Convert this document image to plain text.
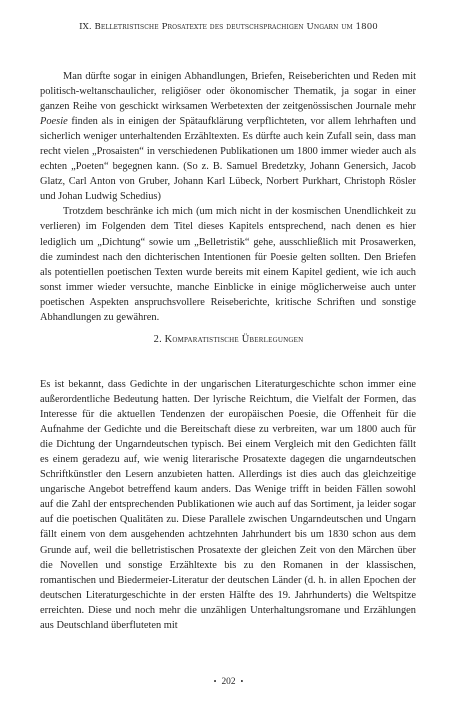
IX. Belletristische Prosatexte des deutschsprachigen Ungarn um 1800

Man dürfte sogar in einigen Abhandlungen, Briefen, Reiseberichten und Reden mit politisch-weltanschaulicher, religiöser oder ökonomischer Thematik, ja sogar in einer ganzen Reihe von geschickt wirksamen Werbetexten der zeitgenössischen Journale mehr Poesie finden als in einigen der Spätaufklärung verpflichteten, vor allem lehrhaften und sicherlich weniger unterhaltenden Erzähltexten. Es dürfte auch kein Zufall sein, dass man recht vielen „Prosaisten“ in verschiedenen Publikationen um 1800 immer wieder auch als echten „Poeten“ begegnen kann. (So z. B. Samuel Bredetzky, Johann Genersich, Jacob Glatz, Carl Anton von Gruber, Johann Karl Lübeck, Norbert Purkhart, Christoph Rösler und Johan Ludwig Schedius)

Trotzdem beschränke ich mich (um mich nicht in der kosmischen Unendlichkeit zu verlieren) im Folgenden dem Titel dieses Kapitels entsprechend, nach denen es hier lediglich um „Dichtung“ sowie um „Belletristik“ gehe, ausschließlich mit Prosawerken, die zumindest nach den dichterischen Intentionen für Poesie gelten sollten. Den Briefen als potentiellen poetischen Texten wurde bereits mit einem Kapitel gedient, wie ich auch sonst immer wieder versuchte, manche Einblicke in einige möglicherweise auch unter poetischen Aspekten anspruchsvollere Reiseberichte, kritische Schriften und sonstige Abhandlungen zu gewähren.

2. Komparatistische Überlegungen

Es ist bekannt, dass Gedichte in der ungarischen Literaturgeschichte schon immer eine außerordentliche Bedeutung hatten. Der lyrische Reichtum, die Vielfalt der Formen, das Interesse für die aktuellen Tendenzen der europäischen Poesie, die Offenheit für die Aufnahme der Gedichte und die Bereitschaft diese zu verbreiten, war um 1800 auch für die Dichtung der Ungarndeutschen typisch. Bei einem Vergleich mit den Gedichten fällt es einem geradezu auf, wie wenig literarische Prosatexte dagegen die ungarndeutschen Schriftkünstler den Lesern anzubieten hatten. Allerdings ist dies auch das gleichzeitige ungarische Angebot betreffend kaum anders. Das Wenige trifft in beiden Fällen sowohl auf die Zahl der entsprechenden Publikationen wie auch auf das Sortiment, ja leider sogar auf die poetischen Qualitäten zu. Diese Parallele zwischen Ungarndeutschen und Ungarn fällt einem von dem ausgehenden achtzehnten Jahrhundert bis um 1830 schon aus dem Grunde auf, weil die belletristischen Prosatexte der gleichen Zeit von den Märchen über die Novellen und sonstige Erzähltexte bis zu den Romanen in der klassischen, romantischen und Biedermeier-Literatur der deutschen Länder (d. h. in allen Epochen der deutschen Literaturgeschichte in der ersten Hälfte des 19. Jahrhunderts) die Weltspitze erreichten. Diese und noch mehr die unzähligen Unterhaltungsromane und Erzählungen aus Deutschland überfluteten mit

• 202 •
